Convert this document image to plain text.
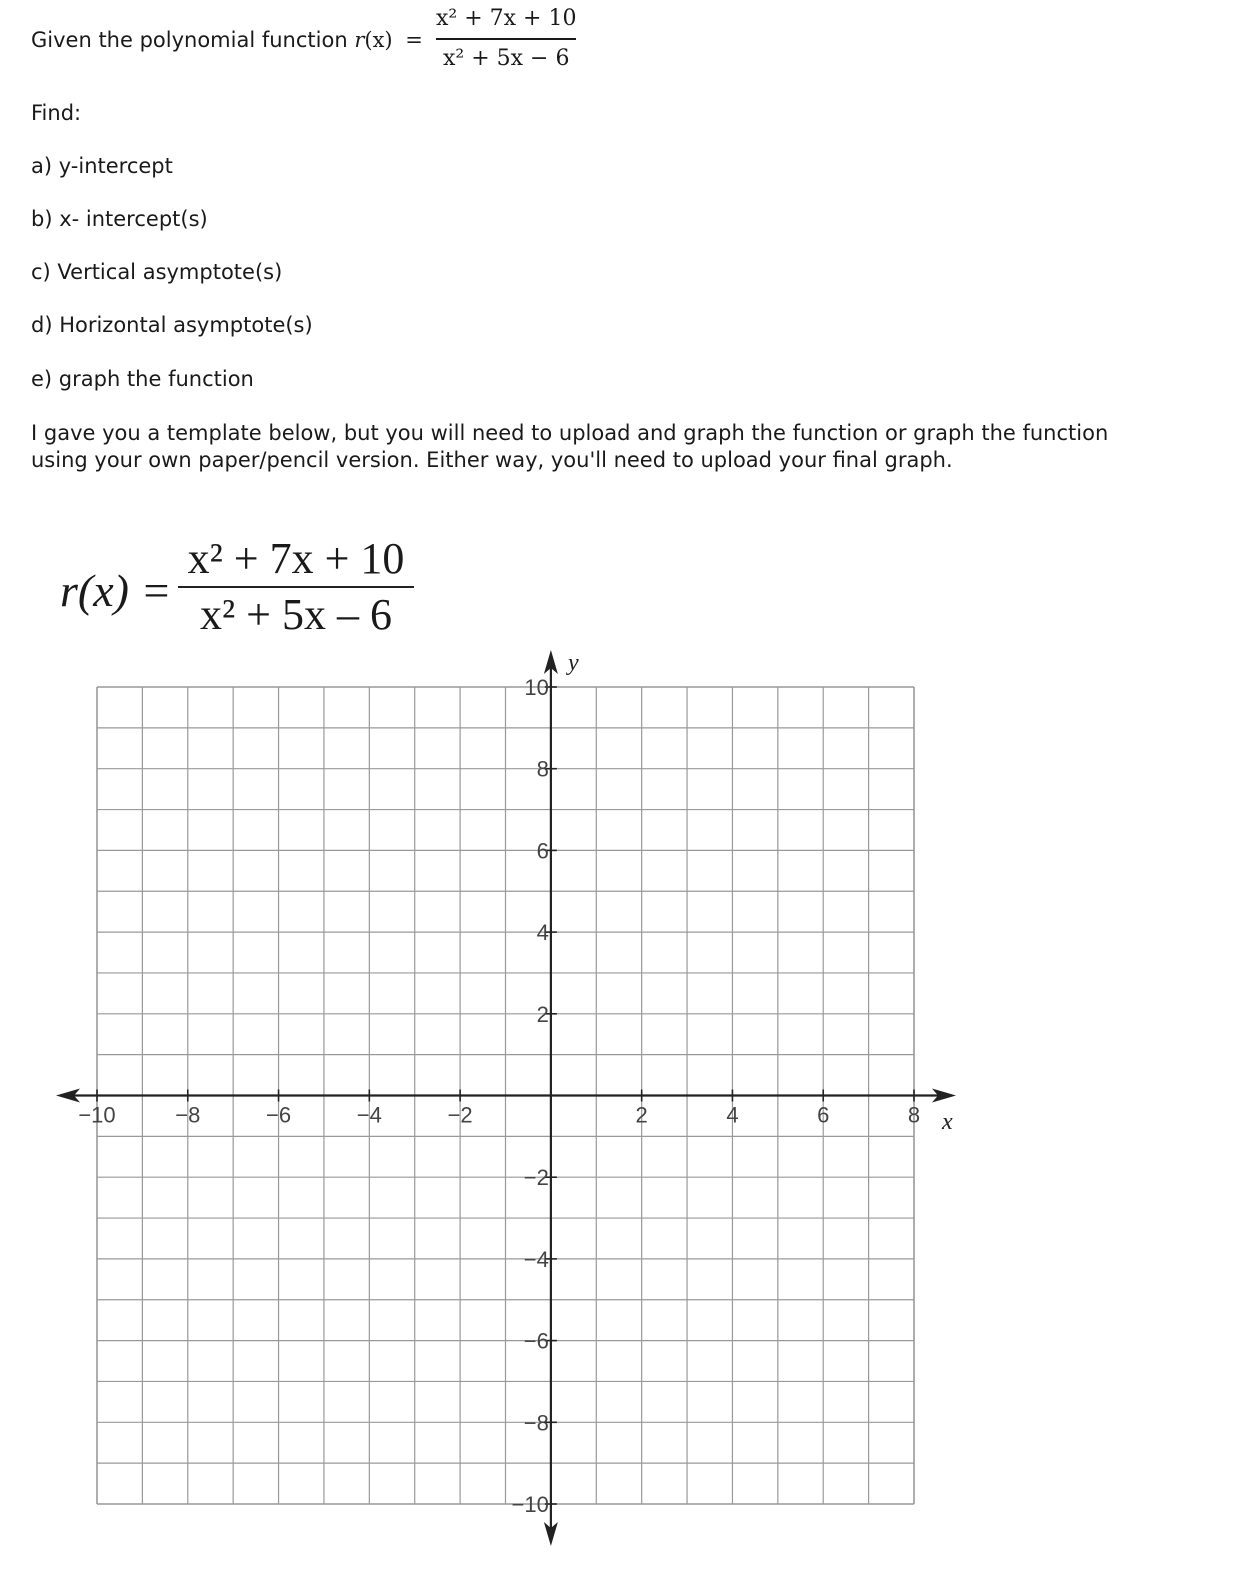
Given the polynomial function r(x) =
x² + 7x + 10
x² + 5x − 6
Find:
a) y-intercept
b) x- intercept(s)
c) Vertical asymptote(s)
d) Horizontal asymptote(s)
e) graph the function
I gave you a template below, but you will need to upload and graph the function or graph the function using your own paper/pencil version. Either way, you'll need to upload your final graph.
r(x) =
x² + 7x + 10
x² + 5x – 6
−10	−8	−6	−4	−2	2	4	6	8
10
8
6
4
2
−2
−4
−6
−8
−10
x
y
